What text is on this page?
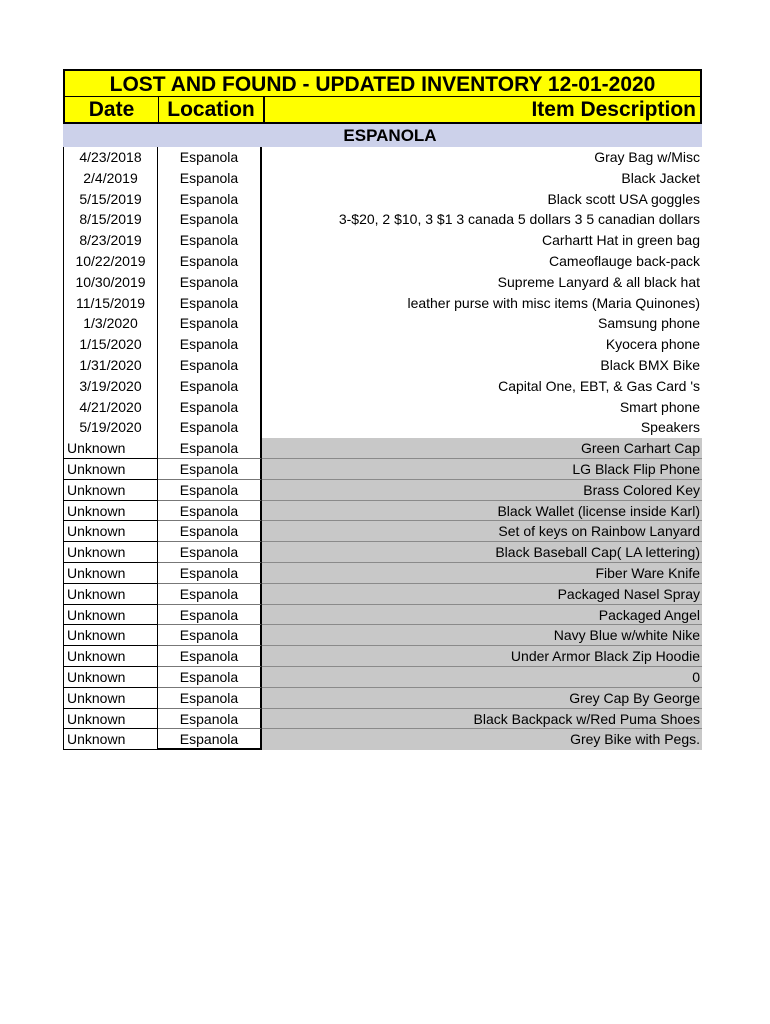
LOST AND FOUND - UPDATED INVENTORY 12-01-2020
Date	Location	Item Description
ESPANOLA
4/23/2018	Espanola	Gray Bag w/Misc
2/4/2019	Espanola	Black Jacket
5/15/2019	Espanola	Black scott USA goggles
8/15/2019	Espanola	3-$20, 2 $10, 3 $1 3 canada 5 dollars 3 5 canadian dollars
8/23/2019	Espanola	Carhartt Hat in green bag
10/22/2019	Espanola	Cameoflauge back-pack
10/30/2019	Espanola	Supreme Lanyard & all black hat
11/15/2019	Espanola	leather purse with misc items (Maria Quinones)
1/3/2020	Espanola	Samsung phone
1/15/2020	Espanola	Kyocera phone
1/31/2020	Espanola	Black BMX Bike
3/19/2020	Espanola	Capital One, EBT, & Gas Card 's
4/21/2020	Espanola	Smart phone
5/19/2020	Espanola	Speakers
Unknown	Espanola	Green Carhart Cap
Unknown	Espanola	LG Black Flip Phone
Unknown	Espanola	Brass Colored Key
Unknown	Espanola	Black Wallet (license inside Karl)
Unknown	Espanola	Set of keys on Rainbow Lanyard
Unknown	Espanola	Black Baseball Cap( LA lettering)
Unknown	Espanola	Fiber Ware Knife
Unknown	Espanola	Packaged Nasel Spray
Unknown	Espanola	Packaged Angel
Unknown	Espanola	Navy Blue w/white Nike
Unknown	Espanola	Under Armor Black Zip Hoodie
Unknown	Espanola	0
Unknown	Espanola	Grey Cap By George
Unknown	Espanola	Black Backpack w/Red Puma Shoes
Unknown	Espanola	Grey Bike with Pegs.
